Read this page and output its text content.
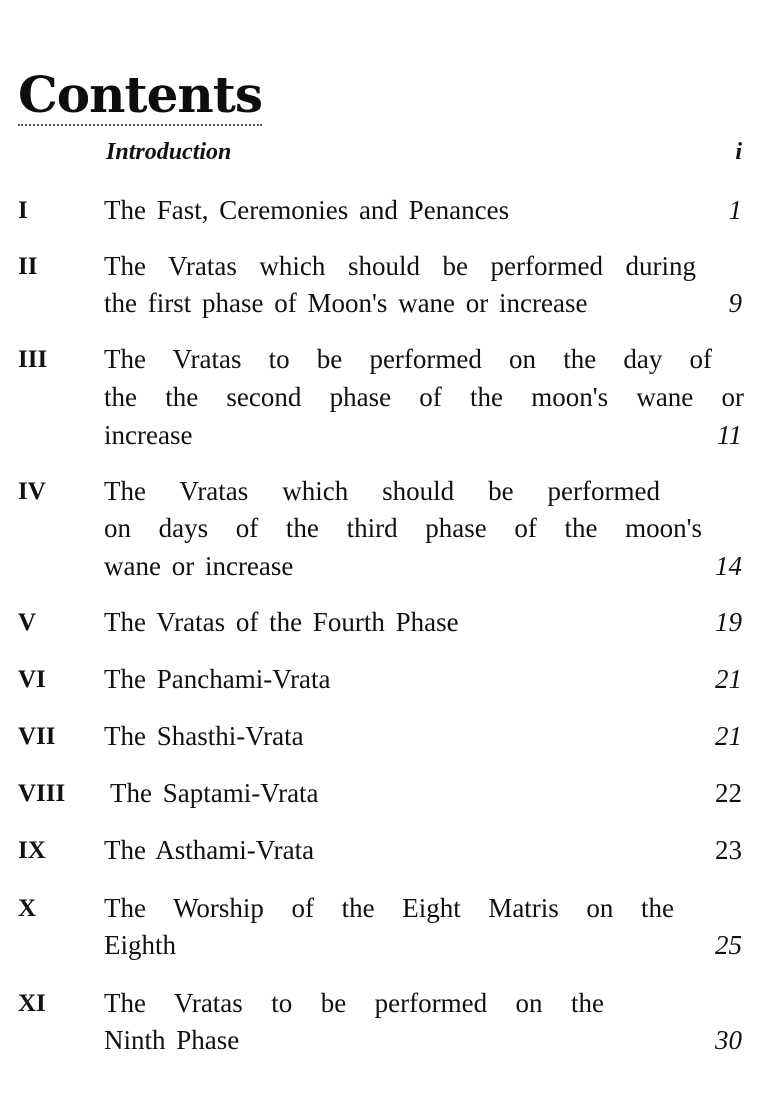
Contents
Introduction	i
I	The Fast, Ceremonies and Penances	1
II The Vratas which should be performed during
the first phase of Moon's wane or increase	9
III The Vratas to be performed on the day of
the the second phase of the moon's wane or
increase	11
IV The Vratas which should be performed
on days of the third phase of the moon's
wane or increase	14
V	The Vratas of the Fourth Phase	19
VI The Panchami-Vrata	21
VII The Shasthi-Vrata	21
VIII The Saptami-Vrata	22
IX The Asthami-Vrata	23
X	The Worship of the Eight Matris on the
Eighth	25
XI The Vratas to be performed on the
Ninth Phase	30
